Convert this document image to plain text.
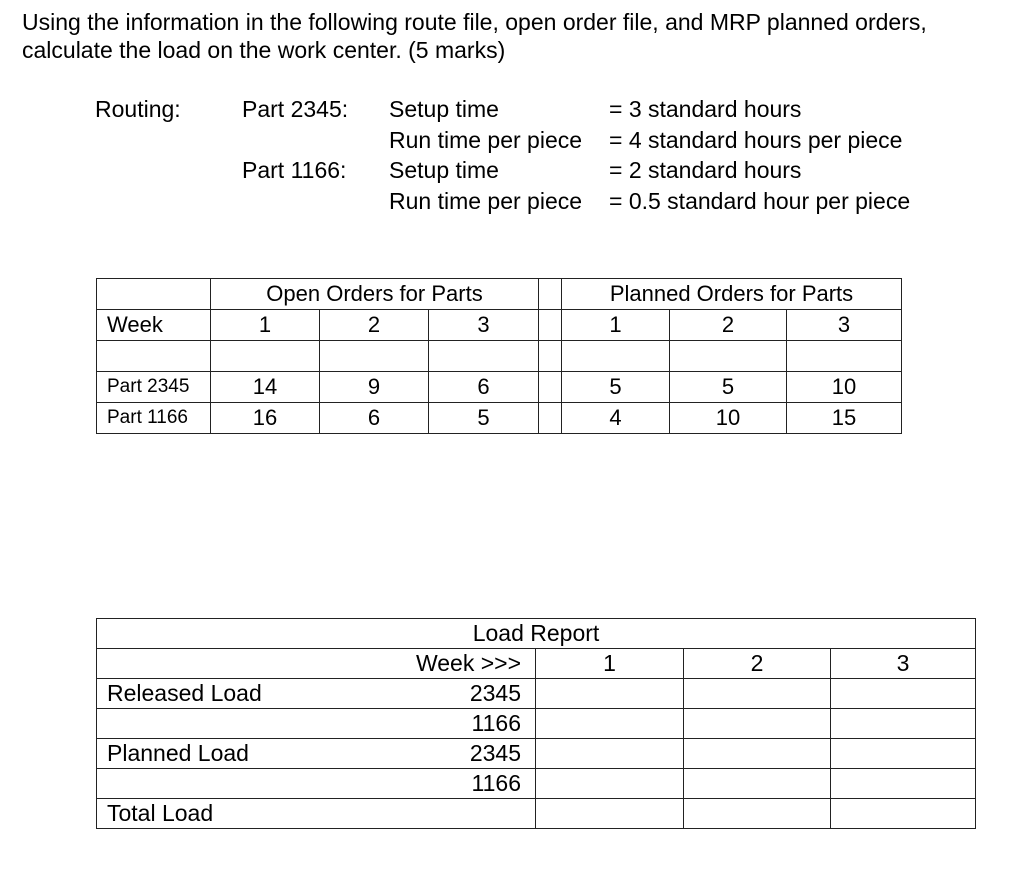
Using the information in the following route file, open order file, and MRP planned orders,
calculate the load on the work center. (5 marks)

Routing:	Part 2345: Setup time	= 3 standard hours
Run time per piece = 4 standard hours per piece
Part 1166: Setup time	= 2 standard hours
Run time per piece = 0.5 standard hour per piece
	Open Orders for Parts				Planned Orders for Parts		
Week	1	2	3		1	2	3

Part 2345	14	9	6		5	5	10
Part 1166	16	6	5		4	10	15
Load Report			
Week >>>	1	2	3

Released Load 2345			

1166			

Planned Load 2345			

1166			
Total Load			
